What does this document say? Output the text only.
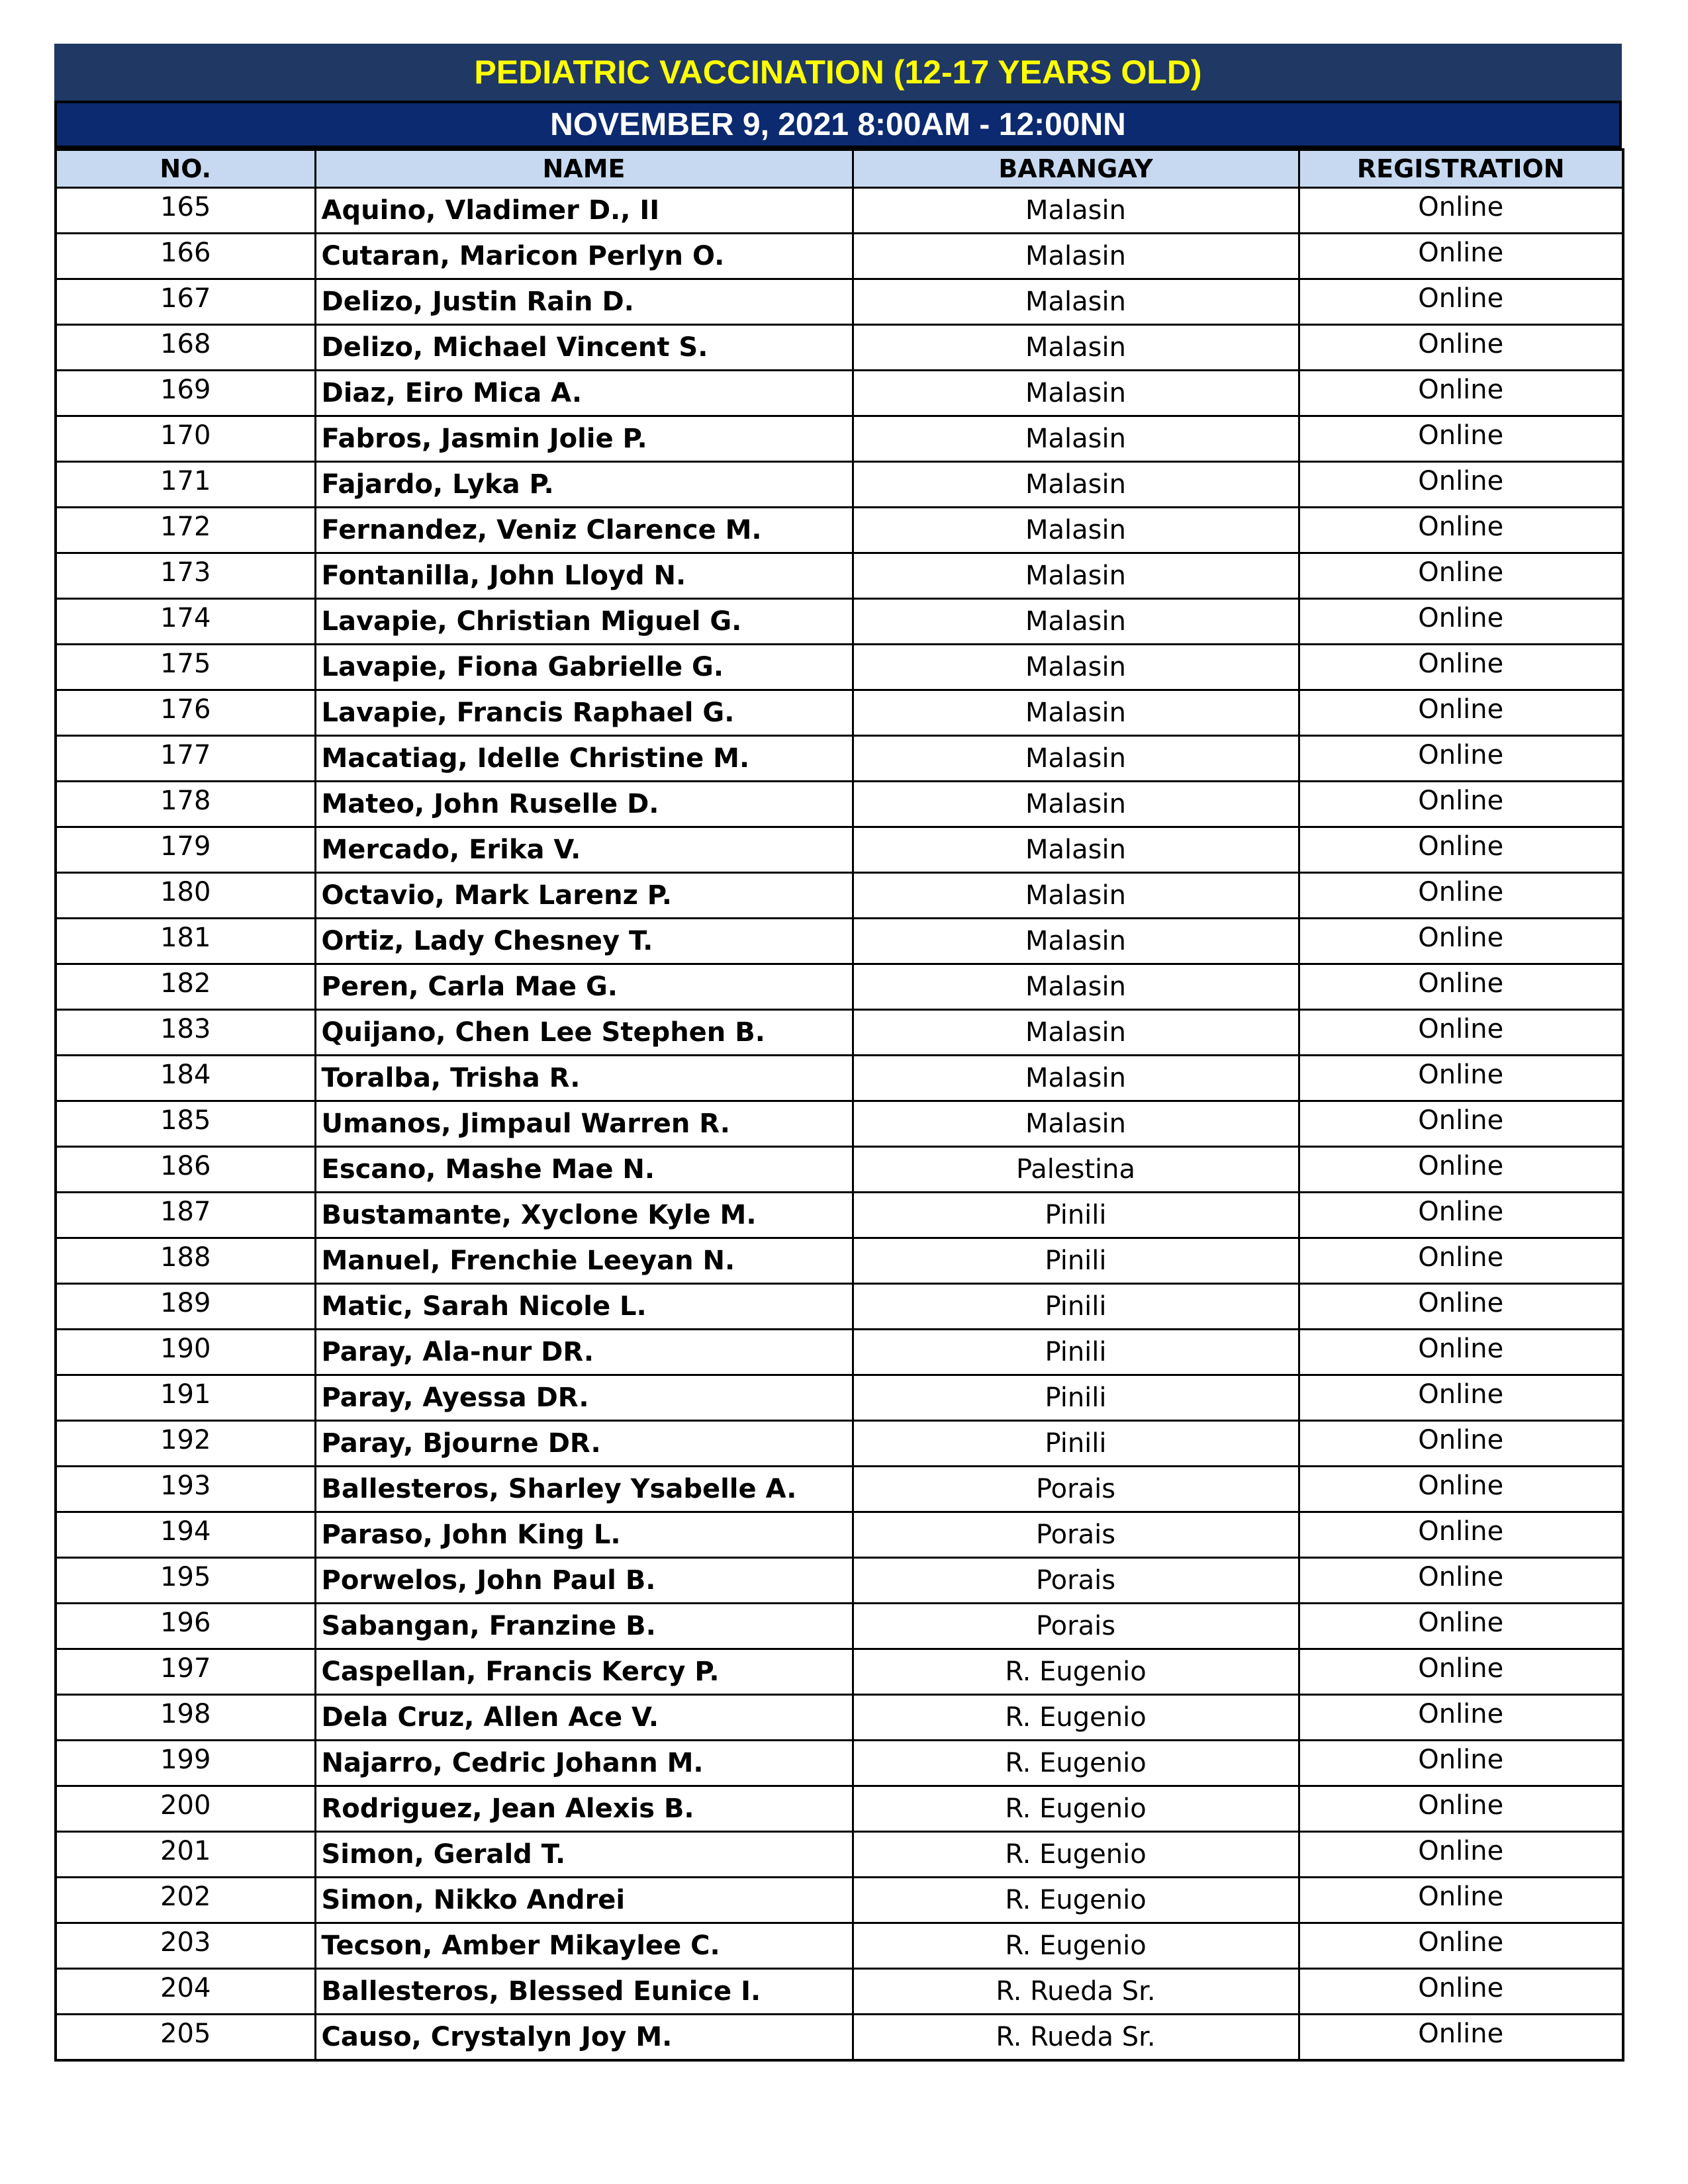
PEDIATRIC VACCINATION (12-17 YEARS OLD)
NOVEMBER 9, 2021 8:00AM - 12:00NN
NO.	NAME	BARANGAY	REGISTRATION
165	Aquino, Vladimer D., II	Malasin	Online
166	Cutaran, Maricon Perlyn O.	Malasin	Online
167	Delizo, Justin Rain D.	Malasin	Online
168	Delizo, Michael Vincent S.	Malasin	Online
169	Diaz, Eiro Mica A.	Malasin	Online
170	Fabros, Jasmin Jolie P.	Malasin	Online
171	Fajardo, Lyka P.	Malasin	Online
172	Fernandez, Veniz Clarence M.	Malasin	Online
173	Fontanilla, John Lloyd N.	Malasin	Online
174	Lavapie, Christian Miguel G.	Malasin	Online
175	Lavapie, Fiona Gabrielle G.	Malasin	Online
176	Lavapie, Francis Raphael G.	Malasin	Online
177	Macatiag, Idelle Christine M.	Malasin	Online
178	Mateo, John Ruselle D.	Malasin	Online
179	Mercado, Erika V.	Malasin	Online
180	Octavio, Mark Larenz P.	Malasin	Online
181	Ortiz, Lady Chesney T.	Malasin	Online
182	Peren, Carla Mae G.	Malasin	Online
183	Quijano, Chen Lee Stephen B.	Malasin	Online
184	Toralba, Trisha R.	Malasin	Online
185	Umanos, Jimpaul Warren R.	Malasin	Online
186	Escano, Mashe Mae N.	Palestina	Online
187	Bustamante, Xyclone Kyle M.	Pinili	Online
188	Manuel, Frenchie Leeyan N.	Pinili	Online
189	Matic, Sarah Nicole L.	Pinili	Online
190	Paray, Ala-nur DR.	Pinili	Online
191	Paray, Ayessa DR.	Pinili	Online
192	Paray, Bjourne DR.	Pinili	Online
193	Ballesteros, Sharley Ysabelle A.	Porais	Online
194	Paraso, John King L.	Porais	Online
195	Porwelos, John Paul B.	Porais	Online
196	Sabangan, Franzine B.	Porais	Online
197	Caspellan, Francis Kercy P.	R. Eugenio	Online
198	Dela Cruz, Allen Ace V.	R. Eugenio	Online
199	Najarro, Cedric Johann M.	R. Eugenio	Online
200	Rodriguez, Jean Alexis B.	R. Eugenio	Online
201	Simon, Gerald T.	R. Eugenio	Online
202	Simon, Nikko Andrei	R. Eugenio	Online
203	Tecson, Amber Mikaylee C.	R. Eugenio	Online
204	Ballesteros, Blessed Eunice I.	R. Rueda Sr.	Online
205	Causo, Crystalyn Joy M.	R. Rueda Sr.	Online
